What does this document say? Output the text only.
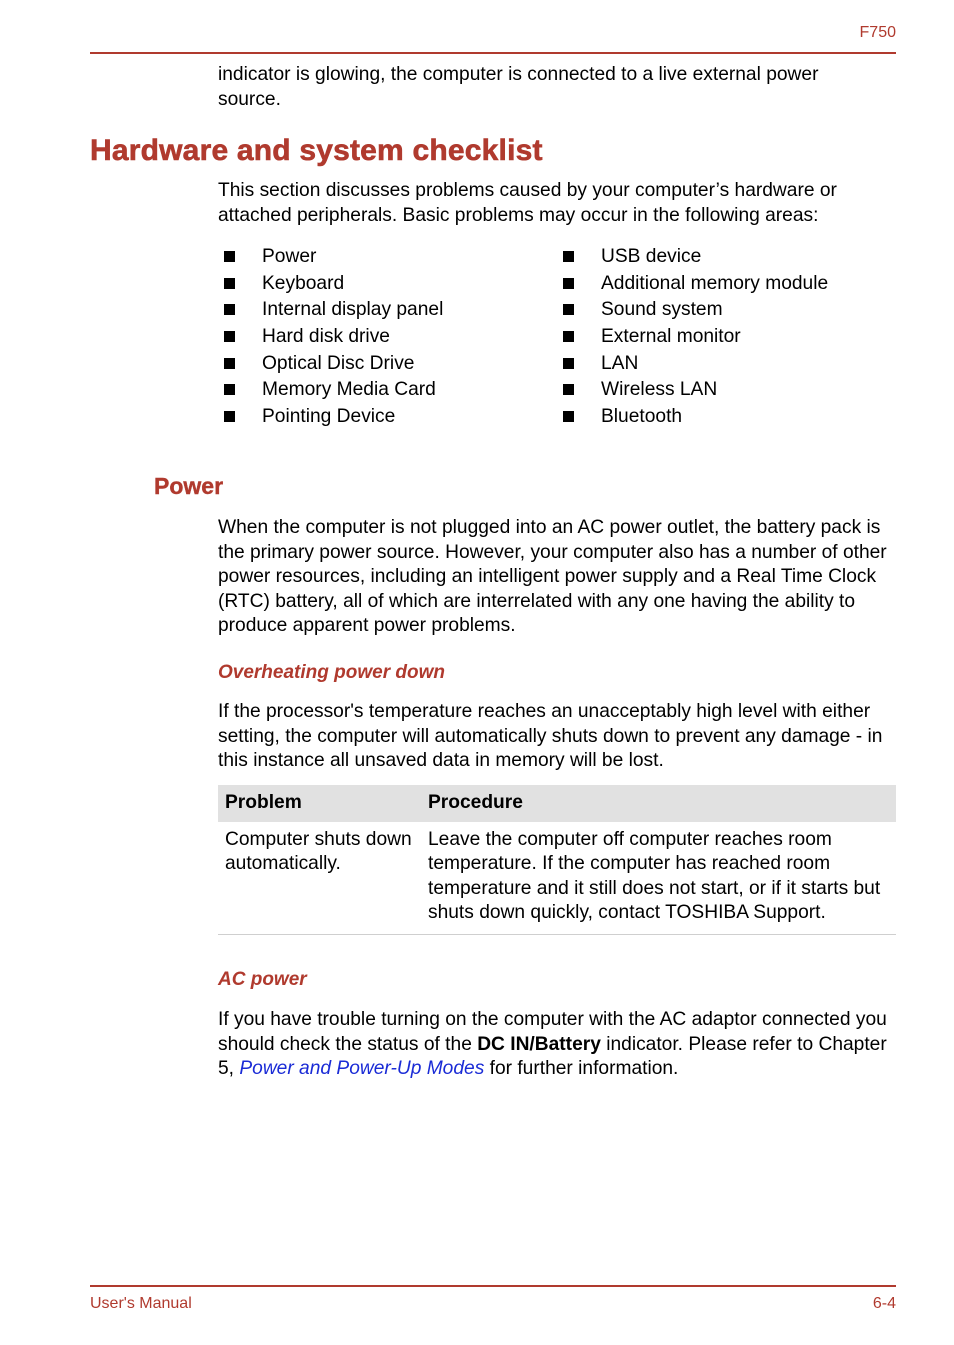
F750
indicator is glowing, the computer is connected to a live external power source.
Hardware and system checklist
This section discusses problems caused by your computer’s hardware or attached peripherals. Basic problems may occur in the following areas:
Power
Keyboard
Internal display panel
Hard disk drive
Optical Disc Drive
Memory Media Card
Pointing Device
USB device
Additional memory module
Sound system
External monitor
LAN
Wireless LAN
Bluetooth
Power
When the computer is not plugged into an AC power outlet, the battery pack is the primary power source. However, your computer also has a number of other power resources, including an intelligent power supply and a Real Time Clock (RTC) battery, all of which are interrelated with any one having the ability to produce apparent power problems.
Overheating power down
If the processor's temperature reaches an unacceptably high level with either setting, the computer will automatically shuts down to prevent any damage - in this instance all unsaved data in memory will be lost.
Problem	Procedure
Computer shuts down automatically.	Leave the computer off computer reaches room temperature. If the computer has reached room temperature and it still does not start, or if it starts but shuts down quickly, contact TOSHIBA Support.
AC power
If you have trouble turning on the computer with the AC adaptor connected you should check the status of the DC IN/Battery indicator. Please refer to Chapter 5, Power and Power-Up Modes for further information.
User's Manual	6-4
